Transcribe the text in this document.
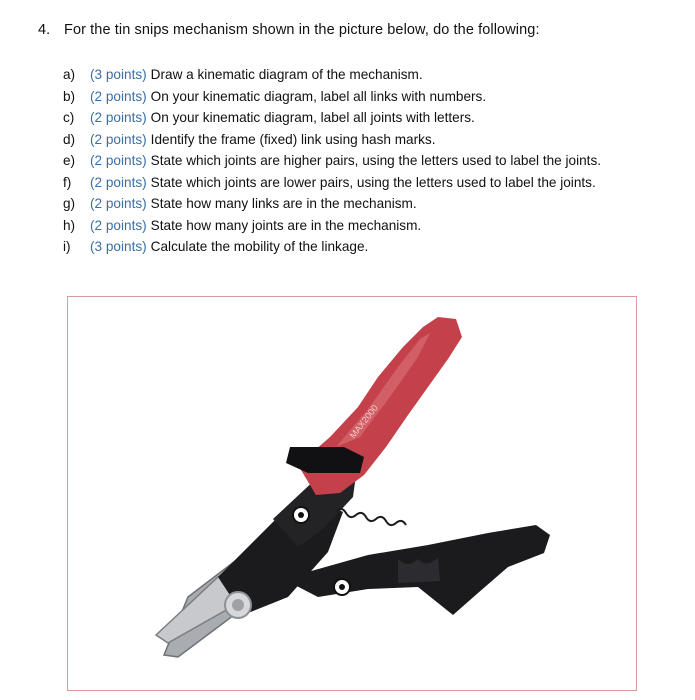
4. For the tin snips mechanism shown in the picture below, do the following:
a)	(3 points) Draw a kinematic diagram of the mechanism.
b)	(2 points) On your kinematic diagram, label all links with numbers.
c)	(2 points) On your kinematic diagram, label all joints with letters.
d)	(2 points) Identify the frame (fixed) link using hash marks.
e)	(2 points) State which joints are higher pairs, using the letters used to label the joints.
f)	(2 points) State which joints are lower pairs, using the letters used to label the joints.
g)	(2 points) State how many links are in the mechanism.
h)	(2 points) State how many joints are in the mechanism.
i)	(3 points) Calculate the mobility of the linkage.
MAX2000
